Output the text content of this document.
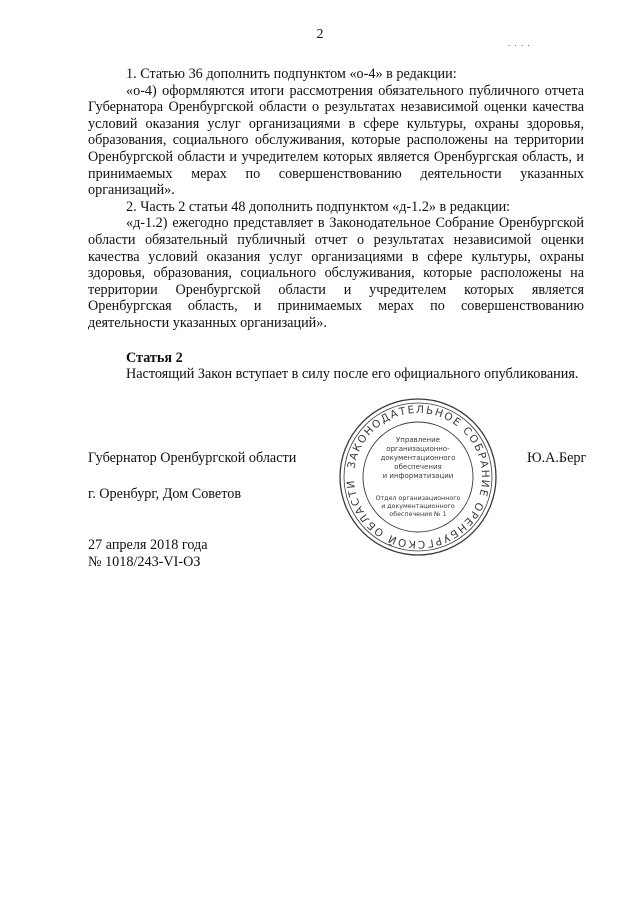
2
. . . .

1. Статью 36 дополнить подпунктом «о-4» в редакции:

«о-4) оформляются итоги рассмотрения обязательного публичного отчета Губернатора Оренбургской области о результатах независимой оценки качества условий оказания услуг организациями в сфере культуры, охраны здоровья, образования, социального обслуживания, которые расположены на территории Оренбургской области и учредителем которых является Оренбургская область, и принимаемых мерах по совершенствованию деятельности указанных организаций».

2. Часть 2 статьи 48 дополнить подпунктом «д-1.2» в редакции:

«д-1.2) ежегодно представляет в Законодательное Собрание Оренбургской области обязательный публичный отчет о результатах независимой оценки качества условий оказания услуг организациями в сфере культуры, охраны здоровья, образования, социального обслуживания, которые расположены на территории Оренбургской области и учредителем которых является Оренбургская область, и принимаемых мерах по совершенствованию деятельности указанных организаций».

Статья 2

Настоящий Закон вступает в силу после его официального опубликования.

Губернатор Оренбургской области	Ю.А.Берг
г. Оренбург, Дом Советов
27 апреля 2018 года
№ 1018/243-VI-ОЗ
ЗАКОНОДАТЕЛЬНОЕ СОБРАНИЕ ОРЕНБУРГСКОЙ ОБЛАСТИ
Управление
организационно-
документационного
обеспечения
и информатизации
Отдел организационного
и документационного
обеспечения № 1
